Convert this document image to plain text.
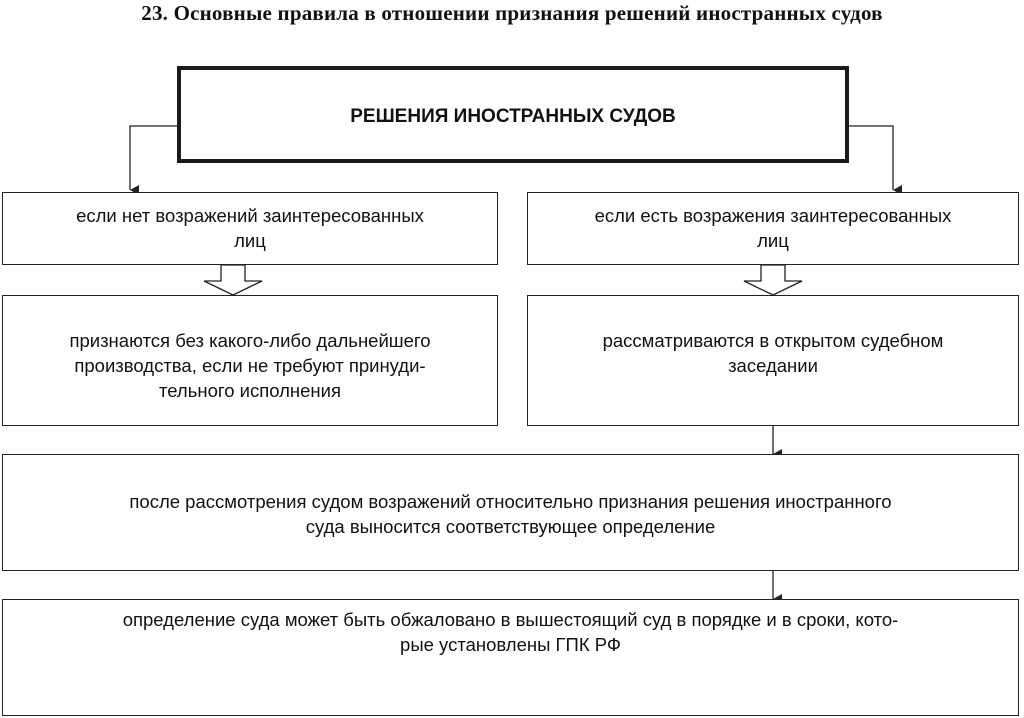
23. Основные правила в отношении признания решений иностранных судов
РЕШЕНИЯ ИНОСТРАННЫХ СУДОВ
если нет возражений заинтересованных
лиц
если есть возражения заинтересованных
лиц
признаются без какого-либо дальнейшего
производства, если не требуют принуди-
тельного исполнения
рассматриваются в открытом судебном
заседании
после рассмотрения судом возражений относительно признания решения иностранного
суда выносится соответствующее определение
определение суда может быть обжаловано в вышестоящий суд в порядке и в сроки, кото-
рые установлены ГПК РФ
